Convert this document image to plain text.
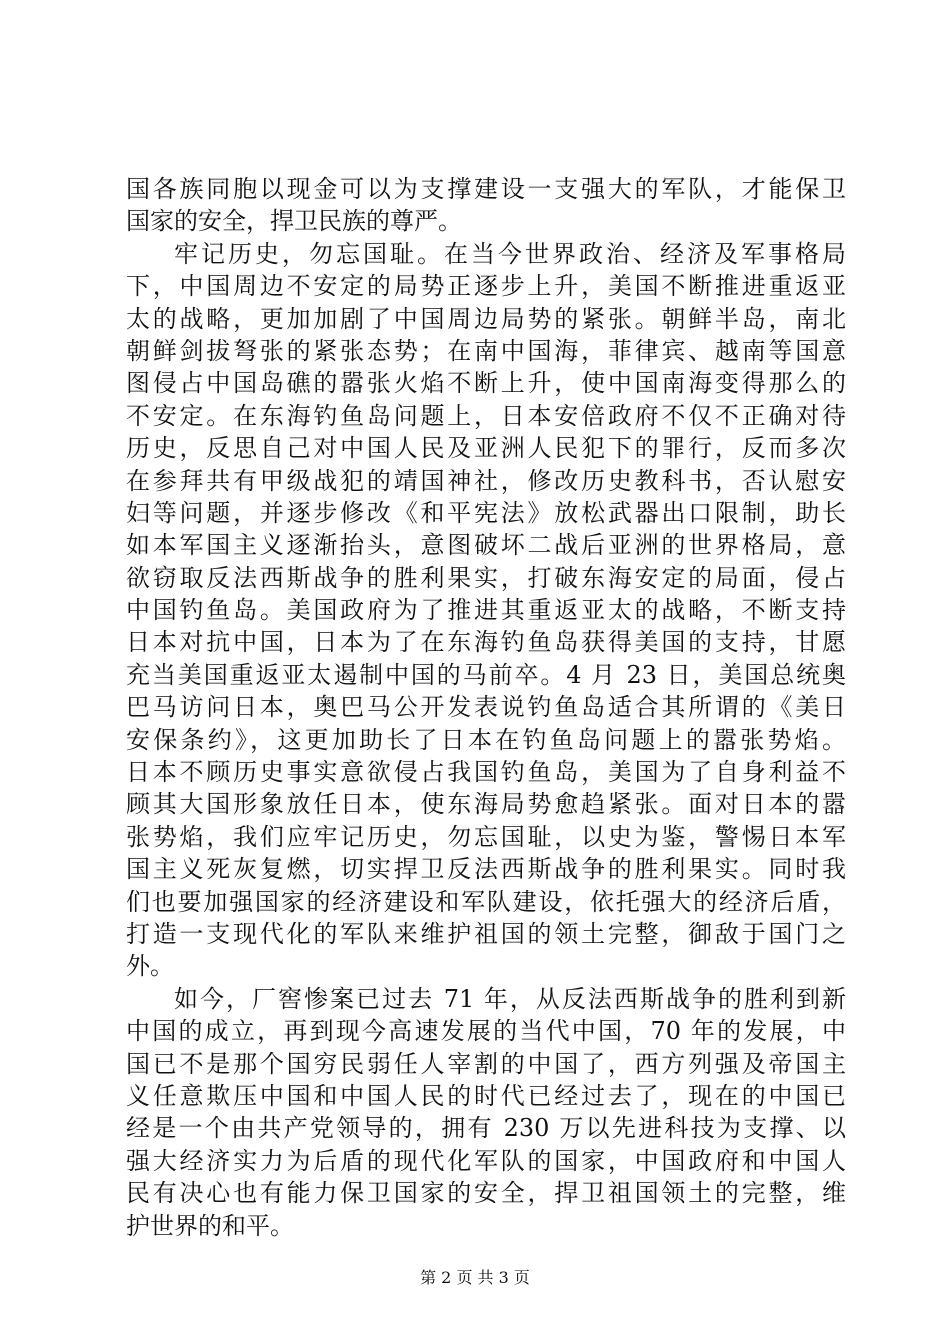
国各族同胞以现金可以为支撑建设一支强大的军队，才能保卫
国家的安全，捍卫民族的尊严。
牢记历史，勿忘国耻。在当今世界政治、经济及军事格局
下，中国周边不安定的局势正逐步上升，美国不断推进重返亚
太的战略，更加加剧了中国周边局势的紧张。朝鲜半岛，南北
朝鲜剑拔弩张的紧张态势；在南中国海，菲律宾、越南等国意
图侵占中国岛礁的嚣张火焰不断上升，使中国南海变得那么的
不安定。在东海钓鱼岛问题上，日本安倍政府不仅不正确对待
历史，反思自己对中国人民及亚洲人民犯下的罪行，反而多次
在参拜共有甲级战犯的靖国神社，修改历史教科书，否认慰安
妇等问题，并逐步修改《和平宪法》放松武器出口限制，助长
如本军国主义逐渐抬头，意图破坏二战后亚洲的世界格局，意
欲窃取反法西斯战争的胜利果实，打破东海安定的局面，侵占
中国钓鱼岛。美国政府为了推进其重返亚太的战略，不断支持
日本对抗中国，日本为了在东海钓鱼岛获得美国的支持，甘愿
充当美国重返亚太遏制中国的马前卒。4 月 23 日，美国总统奥
巴马访问日本，奥巴马公开发表说钓鱼岛适合其所谓的《美日
安保条约》，这更加助长了日本在钓鱼岛问题上的嚣张势焰。
日本不顾历史事实意欲侵占我国钓鱼岛，美国为了自身利益不
顾其大国形象放任日本，使东海局势愈趋紧张。面对日本的嚣
张势焰，我们应牢记历史，勿忘国耻，以史为鉴，警惕日本军
国主义死灰复燃，切实捍卫反法西斯战争的胜利果实。同时我
们也要加强国家的经济建设和军队建设，依托强大的经济后盾，
打造一支现代化的军队来维护祖国的领土完整，御敌于国门之
外。
如今，厂窖惨案已过去 71 年，从反法西斯战争的胜利到新
中国的成立，再到现今高速发展的当代中国，70 年的发展，中
国已不是那个国穷民弱任人宰割的中国了，西方列强及帝国主
义任意欺压中国和中国人民的时代已经过去了，现在的中国已
经是一个由共产党领导的，拥有 230 万以先进科技为支撑、以
强大经济实力为后盾的现代化军队的国家，中国政府和中国人
民有决心也有能力保卫国家的安全，捍卫祖国领土的完整，维
护世界的和平。
第 2 页 共 3 页
